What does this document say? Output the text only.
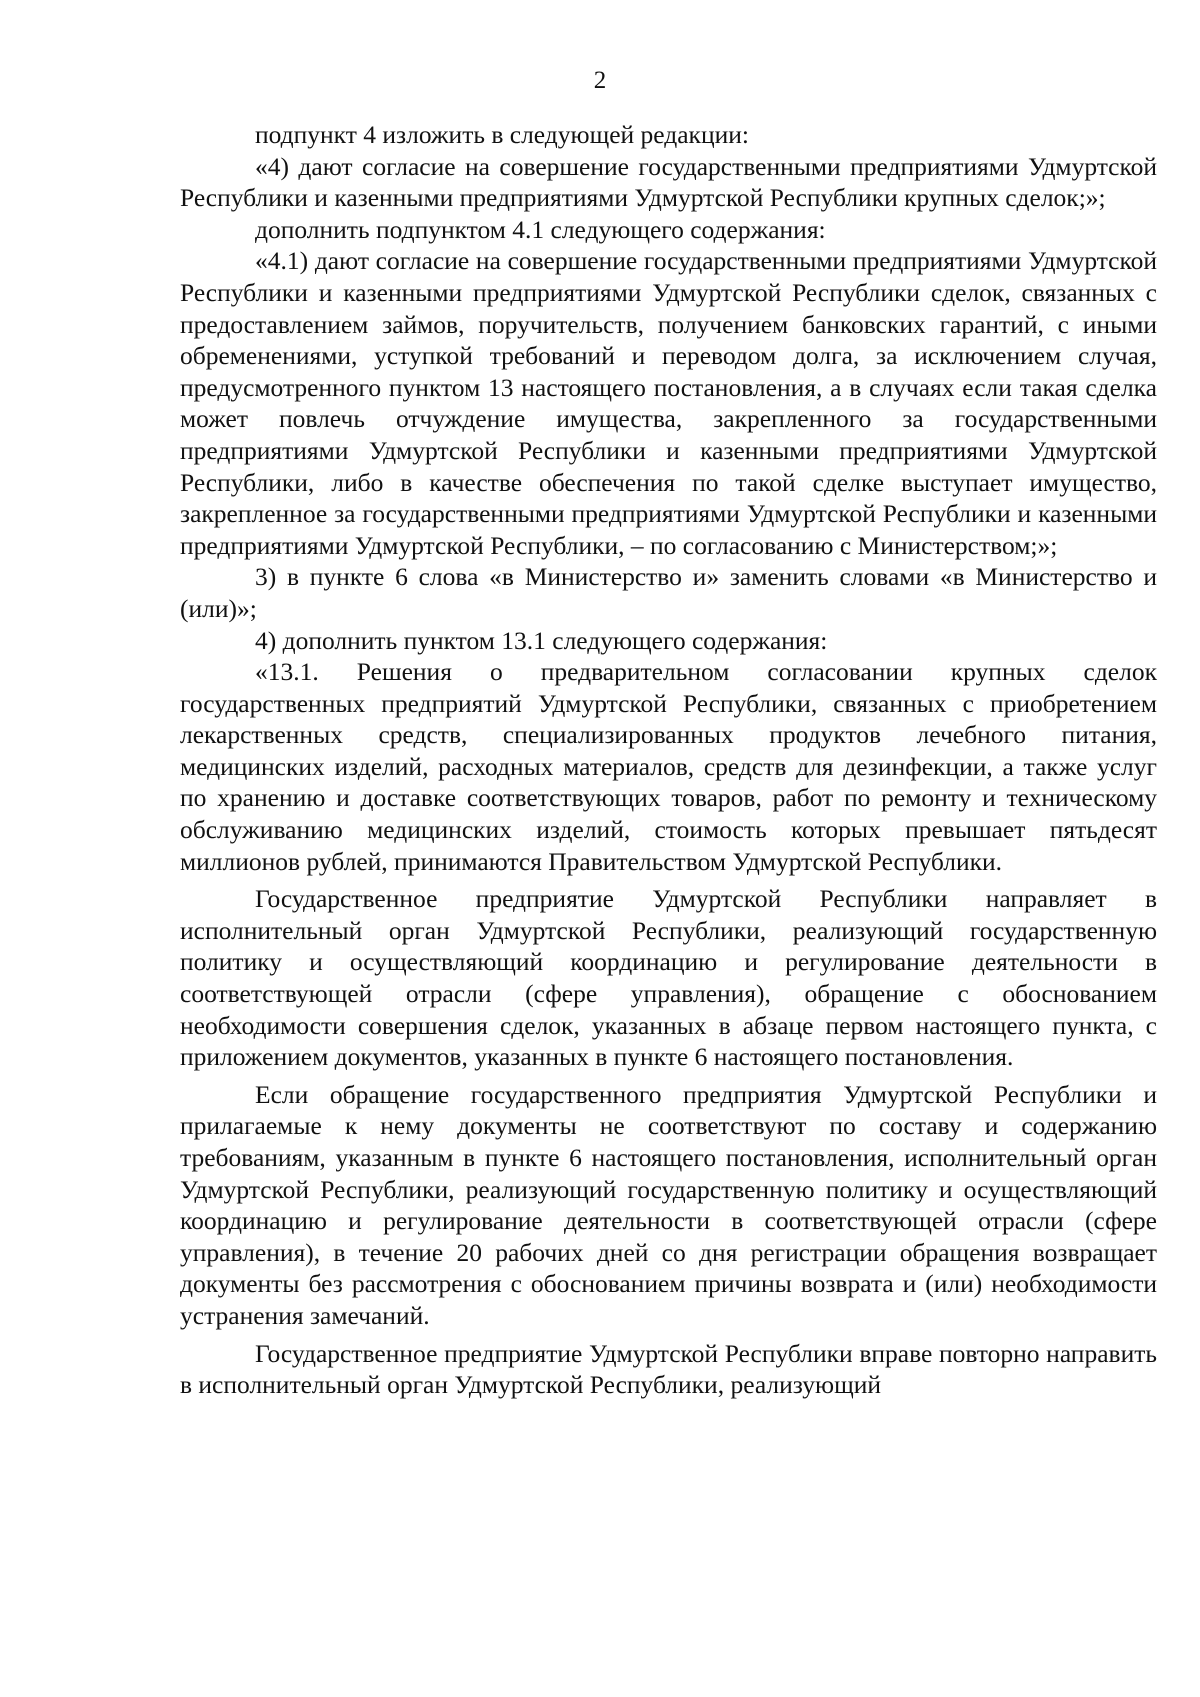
2

подпункт 4 изложить в следующей редакции:

«4) дают согласие на совершение государственными предприятиями Удмуртской Республики и казенными предприятиями Удмуртской Республики крупных сделок;»;

дополнить подпунктом 4.1 следующего содержания:

«4.1) дают согласие на совершение государственными предприятиями Удмуртской Республики и казенными предприятиями Удмуртской Республики сделок, связанных с предоставлением займов, поручительств, получением банковских гарантий, с иными обременениями, уступкой требований и переводом долга, за исключением случая, предусмотренного пунктом 13 настоящего постановления, а в случаях если такая сделка может повлечь отчуждение имущества, закрепленного за государственными предприятиями Удмуртской Республики и казенными предприятиями Удмуртской Республики, либо в качестве обеспечения по такой сделке выступает имущество, закрепленное за государственными предприятиями Удмуртской Республики и казенными предприятиями Удмуртской Республики, – по согласованию с Министерством;»;

3) в пункте 6 слова «в Министерство и» заменить словами «в Министерство и (или)»;

4) дополнить пунктом 13.1 следующего содержания:

«13.1. Решения о предварительном согласовании крупных сделок государственных предприятий Удмуртской Республики, связанных с приобретением лекарственных средств, специализированных продуктов лечебного питания, медицинских изделий, расходных материалов, средств для дезинфекции, а также услуг по хранению и доставке соответствующих товаров, работ по ремонту и техническому обслуживанию медицинских изделий, стоимость которых превышает пятьдесят миллионов рублей, принимаются Правительством Удмуртской Республики.

Государственное предприятие Удмуртской Республики направляет в исполнительный орган Удмуртской Республики, реализующий государственную политику и осуществляющий координацию и регулирование деятельности в соответствующей отрасли (сфере управления), обращение с обоснованием необходимости совершения сделок, указанных в абзаце первом настоящего пункта, с приложением документов, указанных в пункте 6 настоящего постановления.

Если обращение государственного предприятия Удмуртской Республики и прилагаемые к нему документы не соответствуют по составу и содержанию требованиям, указанным в пункте 6 настоящего постановления, исполнительный орган Удмуртской Республики, реализующий государственную политику и осуществляющий координацию и регулирование деятельности в соответствующей отрасли (сфере управления), в течение 20 рабочих дней со дня регистрации обращения возвращает документы без рассмотрения с обоснованием причины возврата и (или) необходимости устранения замечаний.

Государственное предприятие Удмуртской Республики вправе повторно направить в исполнительный орган Удмуртской Республики, реализующий
